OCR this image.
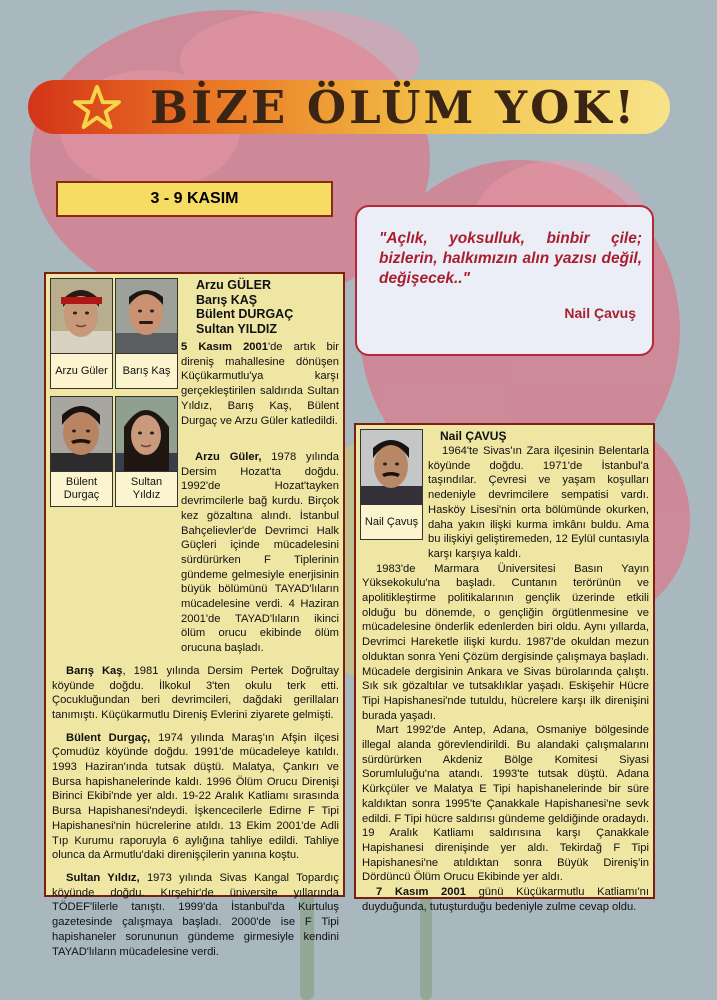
BİZE ÖLÜM YOK!
3 - 9 KASIM
"Açlık, yoksulluk, binbir çile; bizlerin, halkımızın alın yazısı değil, değişecek.."
Nail Çavuş
Arzu Güler	Barış Kaş
Bülent Durgaç
Sultan Yıldız
Arzu GÜLER
Barış KAŞ
Bülent DURGAÇ
Sultan YILDIZ

5 Kasım 2001'de artık bir direniş mahallesine dönüşen Küçükarmutlu'ya karşı gerçekleştirilen saldırıda Sultan Yıldız, Barış Kaş, Bülent Durgaç ve Arzu Güler katledildi.

Arzu Güler, 1978 yılında Dersim Hozat'ta doğdu. 1992'de Hozat'tayken devrimcilerle bağ kurdu. Birçok kez gözaltına alındı. İstanbul Bahçelievler'de Devrimci Halk Güçleri içinde mücadelesini sürdürürken F Tiplerinin gündeme gelmesiyle enerjisinin büyük bölümünü TAYAD'lıların mücadelesine verdi. 4 Haziran 2001'de TAYAD'lıların ikinci ölüm orucu ekibinde ölüm orucuna başladı.

Barış Kaş, 1981 yılında Dersim Pertek Doğrultay köyünde doğdu. İlkokul 3'ten okulu terk etti. Çocukluğundan beri devrimcileri, dağdaki gerillaları tanımıştı. Küçükarmutlu Direniş Evlerini ziyarete gelmişti.

Bülent Durgaç, 1974 yılında Maraş'ın Afşin ilçesi Çomudüz köyünde doğdu. 1991'de mücadeleye katıldı. 1993 Haziran'ında tutsak düştü. Malatya, Çankırı ve Bursa hapishanelerinde kaldı. 1996 Ölüm Orucu Direnişi Birinci Ekibi'nde yer aldı. 19-22 Aralık Katliamı sırasında Bursa Hapishanesi'ndeydi. İşkencecilerle Edirne F Tipi Hapishanesi'nin hücrelerine atıldı. 13 Ekim 2001'de Adli Tıp Kurumu raporuyla 6 aylığına tahliye edildi. Tahliye olunca da Armutlu'daki direnişçilerin yanına koştu.

Sultan Yıldız, 1973 yılında Sivas Kangal Topardıç köyünde doğdu. Kırşehir'de üniversite yıllarında TÖDEF'lilerle tanıştı. 1999'da İstanbul'da Kurtuluş gazetesinde çalışmaya başladı. 2000'de ise F Tipi hapishaneler sorununun gündeme girmesiyle kendini TAYAD'lıların mücadelesine verdi.

Nail Çavuş
Nail ÇAVUŞ

1964'te Sivas'ın Zara ilçesinin Belentarla köyünde doğdu. 1971'de İstanbul'a taşındılar. Çevresi ve yaşam koşulları nedeniyle devrimcilere sempatisi vardı. Hasköy Lisesi'nin orta bölümünde okurken, daha yakın ilişki kurma imkânı buldu. Ama bu ilişkiyi geliştiremeden, 12 Eylül cuntasıyla karşı karşıya kaldı.

1983'de Marmara Üniversitesi Basın Yayın Yüksekokulu'na başladı. Cuntanın terörünün ve apolitikleştirme politikalarının gençlik üzerinde etkili olduğu bu dönemde, o gençliğin örgütlenmesine ve mücadelesine önderlik edenlerden biri oldu. Aynı yıllarda, Devrimci Hareketle ilişki kurdu. 1987'de okuldan mezun olduktan sonra Yeni Çözüm dergisinde çalışmaya başladı. Mücadele dergisinin Ankara ve Sivas bürolarında çalıştı. Sık sık gözaltılar ve tutsaklıklar yaşadı. Eskişehir Hücre Tipi Hapishanesi'nde tutuldu, hücrelere karşı ilk direnişini burada yaşadı.

Mart 1992'de Antep, Adana, Osmaniye bölgesinde illegal alanda görevlendirildi. Bu alandaki çalışmalarını sürdürürken Akdeniz Bölge Komitesi Siyasi Sorumluluğu'na atandı. 1993'te tutsak düştü. Adana Kürkçüler ve Malatya E Tipi hapishanelerinde bir süre kaldıktan sonra 1995'te Çanakkale Hapishanesi'ne sevk edildi. F Tipi hücre saldırısı gündeme geldiğinde oradaydı. 19 Aralık Katliamı saldırısına karşı Çanakkale Hapishanesi direnişinde yer aldı. Tekirdağ F Tipi Hapishanesi'ne atıldıktan sonra Büyük Direniş'in Dördüncü Ölüm Orucu Ekibinde yer aldı.

7 Kasım 2001 günü Küçükarmutlu Katliamı'nı duyduğunda, tutuşturduğu bedeniyle zulme cevap oldu.
